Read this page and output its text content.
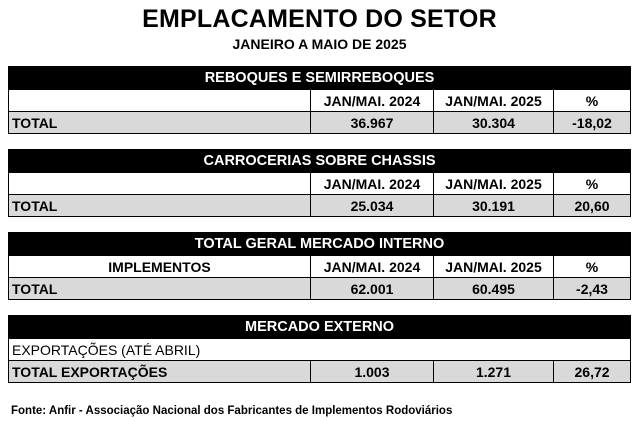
EMPLACAMENTO DO SETOR
JANEIRO A MAIO DE 2025
REBOQUES E SEMIRREBOQUES			
	JAN/MAI. 2024	JAN/MAI. 2025	%
TOTAL	36.967	30.304	-18,02
CARROCERIAS SOBRE CHASSIS			
	JAN/MAI. 2024	JAN/MAI. 2025	%
TOTAL	25.034	30.191	20,60
TOTAL GERAL MERCADO INTERNO			
IMPLEMENTOS	JAN/MAI. 2024	JAN/MAI. 2025	%
TOTAL	62.001	60.495	-2,43
MERCADO EXTERNO
EXPORTAÇÕES (ATÉ ABRIL)
TOTAL EXPORTAÇÕES	1.003	1.271	26,72
Fonte: Anfir - Associação Nacional dos Fabricantes de Implementos Rodoviários
